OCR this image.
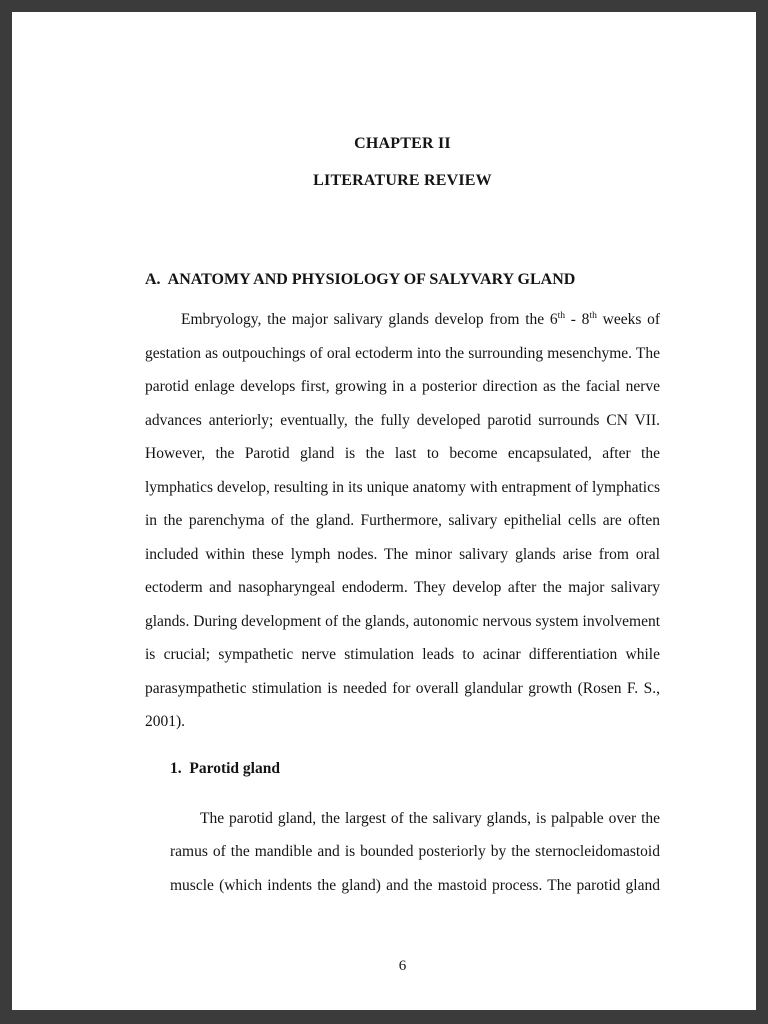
CHAPTER II
LITERATURE REVIEW
A.  ANATOMY AND PHYSIOLOGY OF SALYVARY GLAND

Embryology, the major salivary glands develop from the 6th - 8th weeks of gestation as outpouchings of oral ectoderm into the surrounding mesenchyme. The parotid enlage develops first, growing in a posterior direction as the facial nerve advances anteriorly; eventually, the fully developed parotid surrounds CN VII. However, the Parotid gland is the last to become encapsulated, after the lymphatics develop, resulting in its unique anatomy with entrapment of lymphatics in the parenchyma of the gland. Furthermore, salivary epithelial cells are often included within these lymph nodes. The minor salivary glands arise from oral ectoderm and nasopharyngeal endoderm. They develop after the major salivary glands. During development of the glands, autonomic nervous system involvement is crucial; sympathetic nerve stimulation leads to acinar differentiation while parasympathetic stimulation is needed for overall glandular growth (Rosen F. S., 2001).

1.  Parotid gland

The parotid gland, the largest of the salivary glands, is palpable over the ramus of the mandible and is bounded posteriorly by the sternocleidomastoid muscle (which indents the gland) and the mastoid process. The parotid gland

6
